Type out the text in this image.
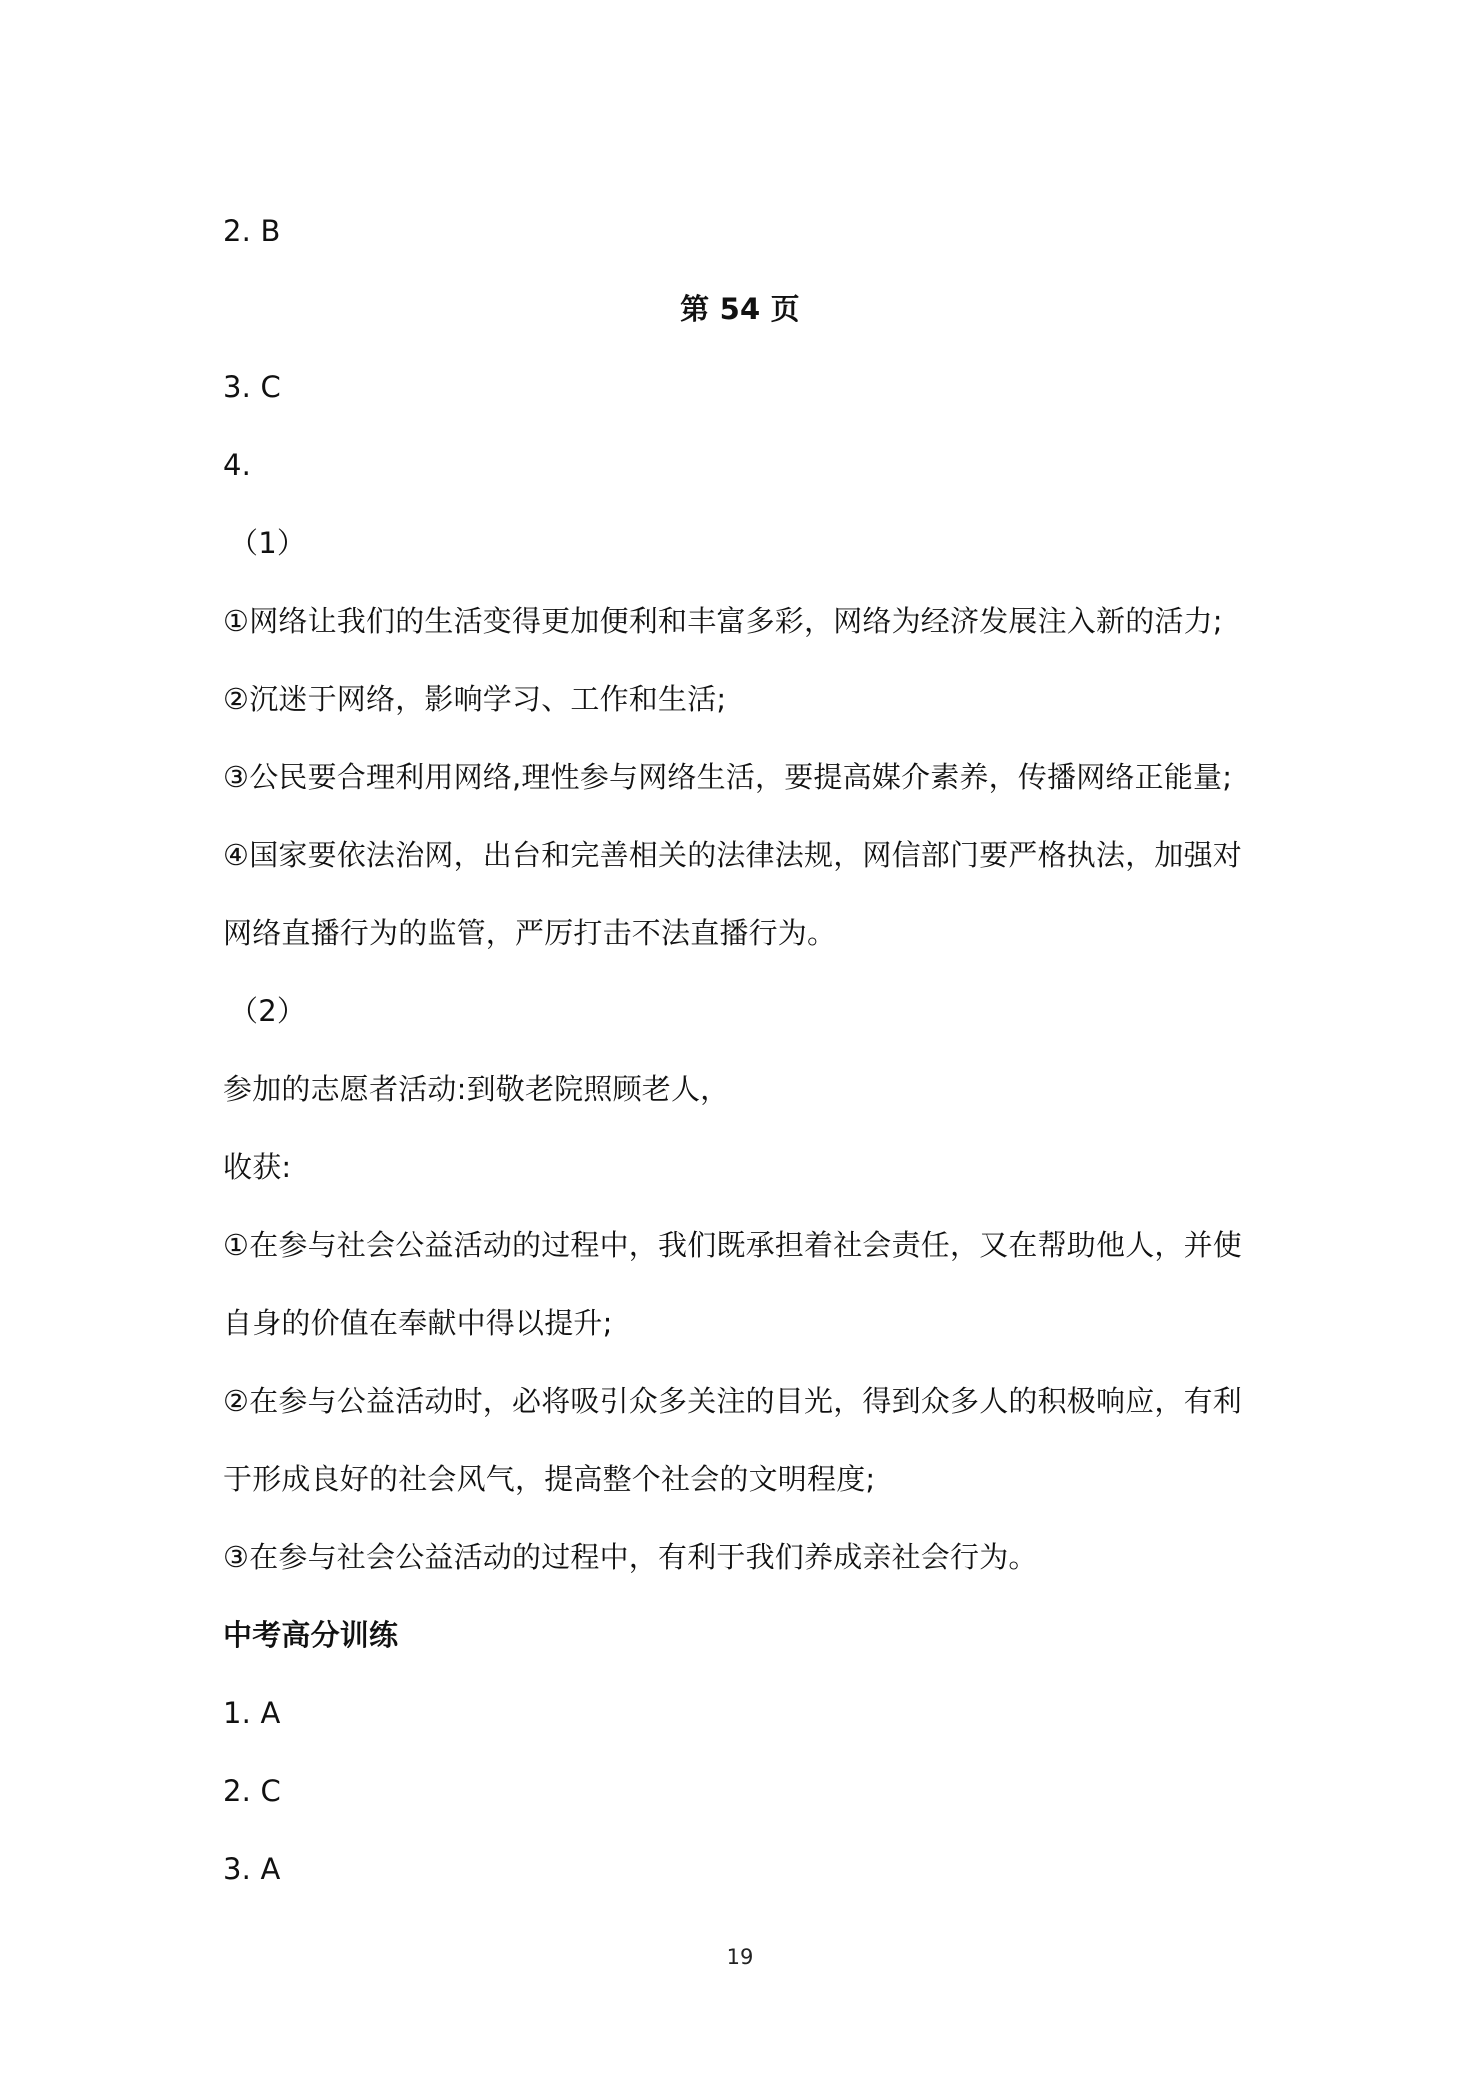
2. B
第 54 页
3. C
4.
（1）
①网络让我们的生活变得更加便利和丰富多彩，网络为经济发展注入新的活力;
②沉迷于网络，影响学习、工作和生活;
③公民要合理利用网络,理性参与网络生活，要提高媒介素养，传播网络正能量;
④国家要依法治网，出台和完善相关的法律法规，网信部门要严格执法，加强对
网络直播行为的监管，严厉打击不法直播行为。
（2）
参加的志愿者活动:到敬老院照顾老人，
收获:
①在参与社会公益活动的过程中，我们既承担着社会责任，又在帮助他人，并使
自身的价值在奉献中得以提升;
②在参与公益活动时，必将吸引众多关注的目光，得到众多人的积极响应，有利
于形成良好的社会风气，提高整个社会的文明程度;
③在参与社会公益活动的过程中，有利于我们养成亲社会行为。
中考高分训练
1. A
2. C
3. A
19
